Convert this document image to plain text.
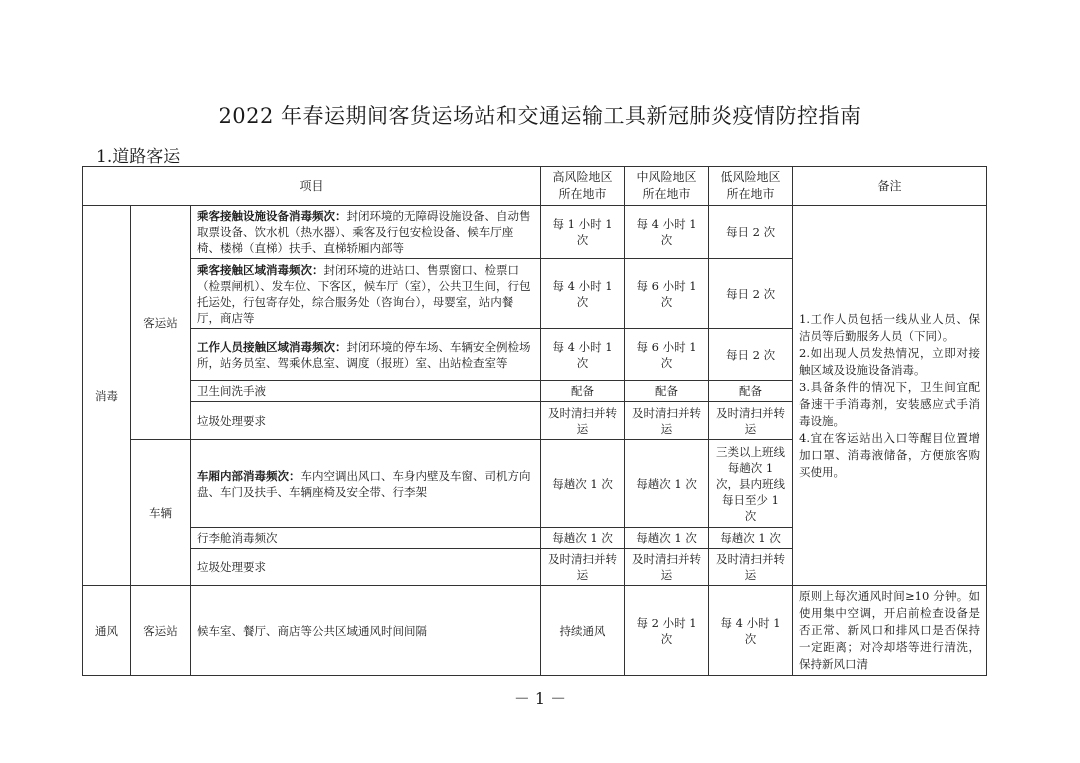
2022 年春运期间客货运场站和交通运输工具新冠肺炎疫情防控指南
1.道路客运
项目			高风险地区所在地市	中风险地区所在地市	低风险地区所在地市	备注
消毒	客运站	乘客接触设施设备消毒频次：封闭环境的无障碍设施设备、自动售取票设备、饮水机（热水器）、乘客及行包安检设备、候车厅座椅、楼梯（直梯）扶手、直梯轿厢内部等	每 1 小时 1 次	每 4 小时 1 次	每日 2 次	1.工作人员包括一线从业人员、保洁员等后勤服务人员（下同）。
2.如出现人员发热情况，立即对接触区域及设施设备消毒。
3.具备条件的情况下，卫生间宜配备速干手消毒剂，安装感应式手消毒设施。
4.宜在客运站出入口等醒目位置增加口罩、消毒液储备，方便旅客购买使用。
		乘客接触区域消毒频次：封闭环境的进站口、售票窗口、检票口（检票闸机）、发车位、下客区，候车厅（室），公共卫生间，行包托运处，行包寄存处，综合服务处（咨询台），母婴室，站内餐厅，商店等	每 4 小时 1 次	每 6 小时 1 次	每日 2 次	
		工作人员接触区域消毒频次：封闭环境的停车场、车辆安全例检场所，站务员室、驾乘休息室、调度（报班）室、出站检查室等	每 4 小时 1 次	每 6 小时 1 次	每日 2 次	
		卫生间洗手液	配备	配备	配备	
		垃圾处理要求	及时清扫并转运	及时清扫并转运	及时清扫并转运	
	车辆	车厢内部消毒频次：车内空调出风口、车身内壁及车窗、司机方向盘、车门及扶手、车辆座椅及安全带、行李架	每趟次 1 次	每趟次 1 次	三类以上班线每趟次 1 次，县内班线每日至少 1 次	
		行李舱消毒频次	每趟次 1 次	每趟次 1 次	每趟次 1 次	
		垃圾处理要求	及时清扫并转运	及时清扫并转运	及时清扫并转运	
通风	客运站	候车室、餐厅、商店等公共区域通风时间间隔	持续通风	每 2 小时 1 次	每 4 小时 1 次	原则上每次通风时间≥10 分钟。如使用集中空调，开启前检查设备是否正常、新风口和排风口是否保持一定距离；对冷却塔等进行清洗，保持新风口清
－ 1 －
